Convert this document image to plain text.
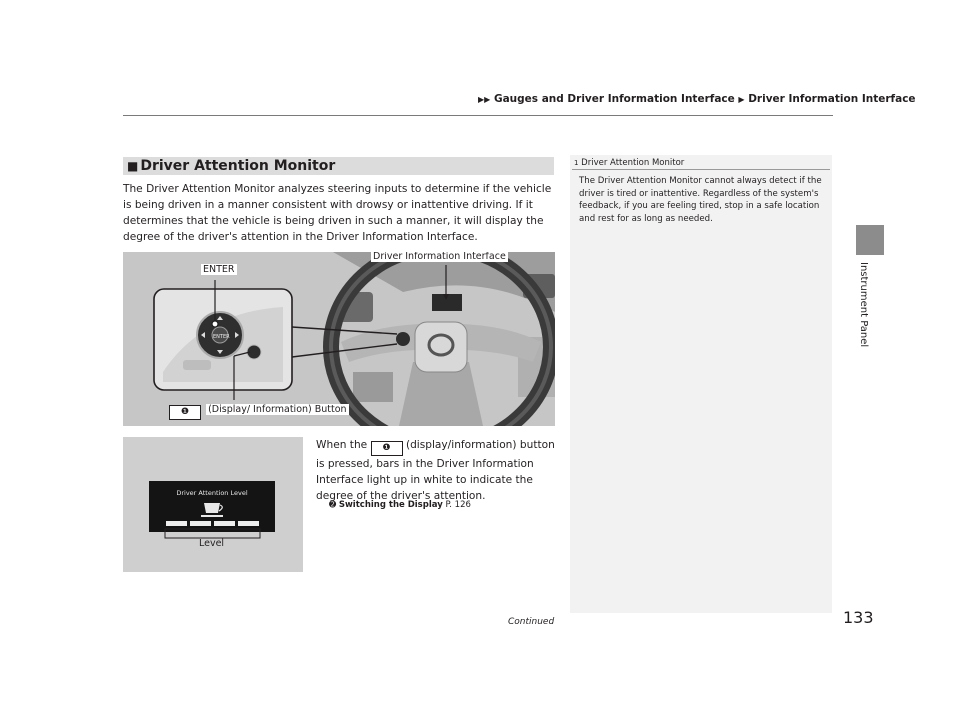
▶▶ Gauges and Driver Information Interface ▶ Driver Information Interface
Instrument Panel
■ Driver Attention Monitor
The Driver Attention Monitor analyzes steering inputs to determine if the vehicle is being driven in a manner consistent with drowsy or inattentive driving. If it determines that the vehicle is being driven in such a manner, it will display the degree of the driver's attention in the Driver Information Interface.
ENTER
ENTER
Driver Information Interface
❶ (Display/ Information) Button
Driver Attention Level
Level
When the ❶ (display/information) button is pressed, bars in the Driver Information Interface light up in white to indicate the degree of the driver's attention.
➋ Switching the Display P. 126
1 Driver Attention Monitor
The Driver Attention Monitor cannot always detect if the driver is tired or inattentive. Regardless of the system's feedback, if you are feeling tired, stop in a safe location and rest for as long as needed.
Continued	133
